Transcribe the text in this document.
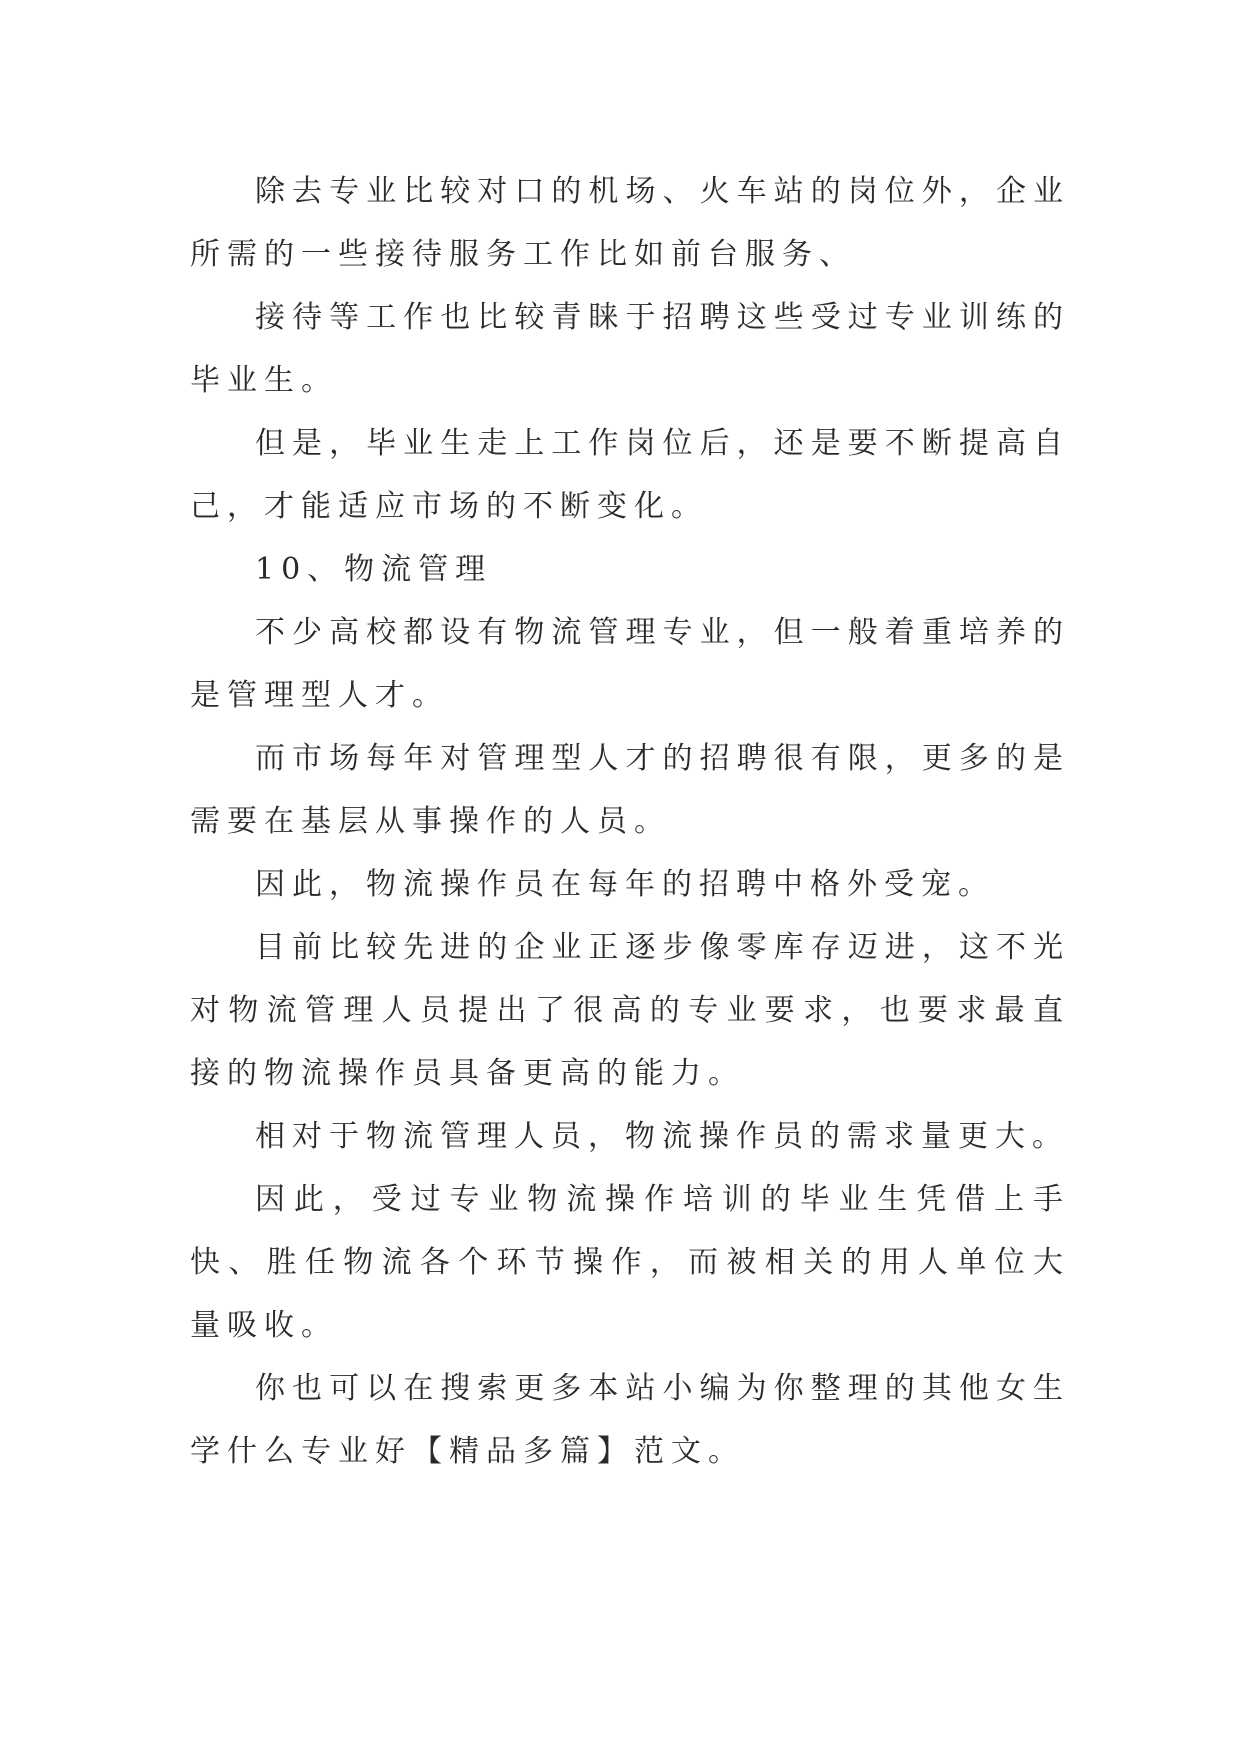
除去专业比较对口的机场、火车站的岗位外，企业所需的一些接待服务工作比如前台服务、

接待等工作也比较青睐于招聘这些受过专业训练的毕业生。

但是，毕业生走上工作岗位后，还是要不断提高自己，才能适应市场的不断变化。

10、物流管理

不少高校都设有物流管理专业，但一般着重培养的是管理型人才。

而市场每年对管理型人才的招聘很有限，更多的是需要在基层从事操作的人员。

因此，物流操作员在每年的招聘中格外受宠。

目前比较先进的企业正逐步像零库存迈进，这不光对物流管理人员提出了很高的专业要求，也要求最直接的物流操作员具备更高的能力。

相对于物流管理人员，物流操作员的需求量更大。

因此，受过专业物流操作培训的毕业生凭借上手快、胜任物流各个环节操作，而被相关的用人单位大量吸收。

你也可以在搜索更多本站小编为你整理的其他女生学什么专业好【精品多篇】范文。
